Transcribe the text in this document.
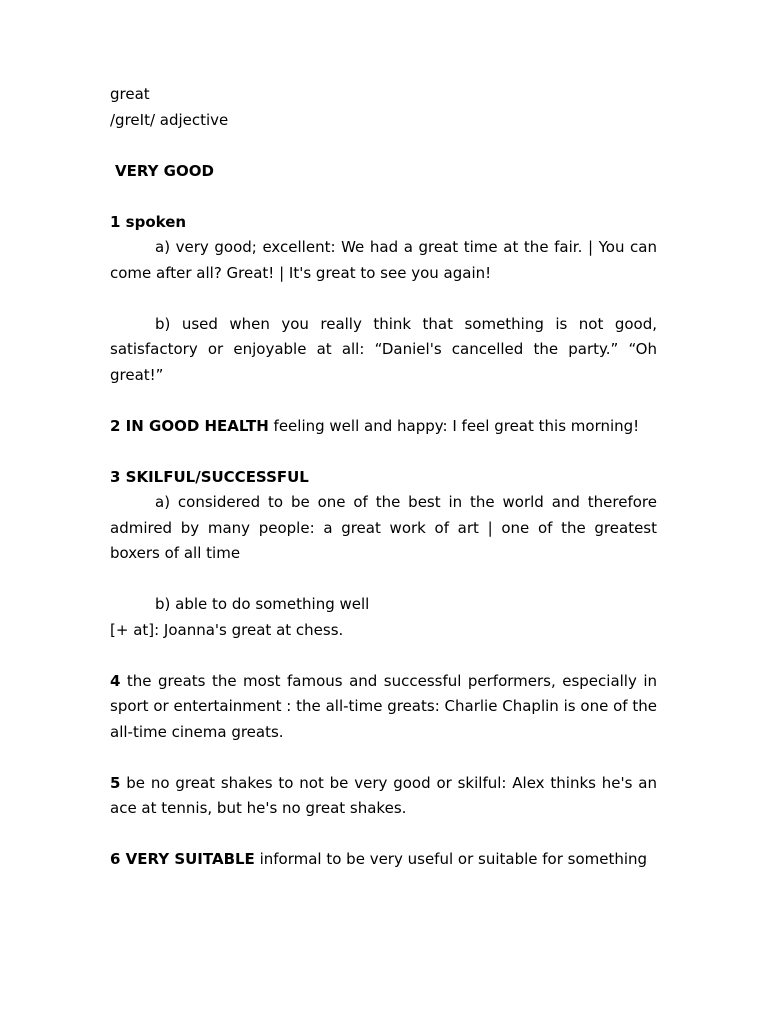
great

/greIt/ adjective

VERY GOOD

1 spoken

a) very good; excellent: We had a great time at the fair. | You can come after all? Great! | It's great to see you again!

b) used when you really think that something is not good, satisfactory or enjoyable at all: “Daniel's cancelled the party.” “Oh great!”

2 IN GOOD HEALTH feeling well and happy: I feel great this morning!

3 SKILFUL/SUCCESSFUL

a) considered to be one of the best in the world and therefore admired by many people: a great work of art | one of the greatest boxers of all time

b) able to do something well

[+ at]: Joanna's great at chess.

4 the greats the most famous and successful performers, especially in sport or entertainment : the all-time greats: Charlie Chaplin is one of the all-time cinema greats.

5 be no great shakes to not be very good or skilful: Alex thinks he's an ace at tennis, but he's no great shakes.

6 VERY SUITABLE informal to be very useful or suitable for something
